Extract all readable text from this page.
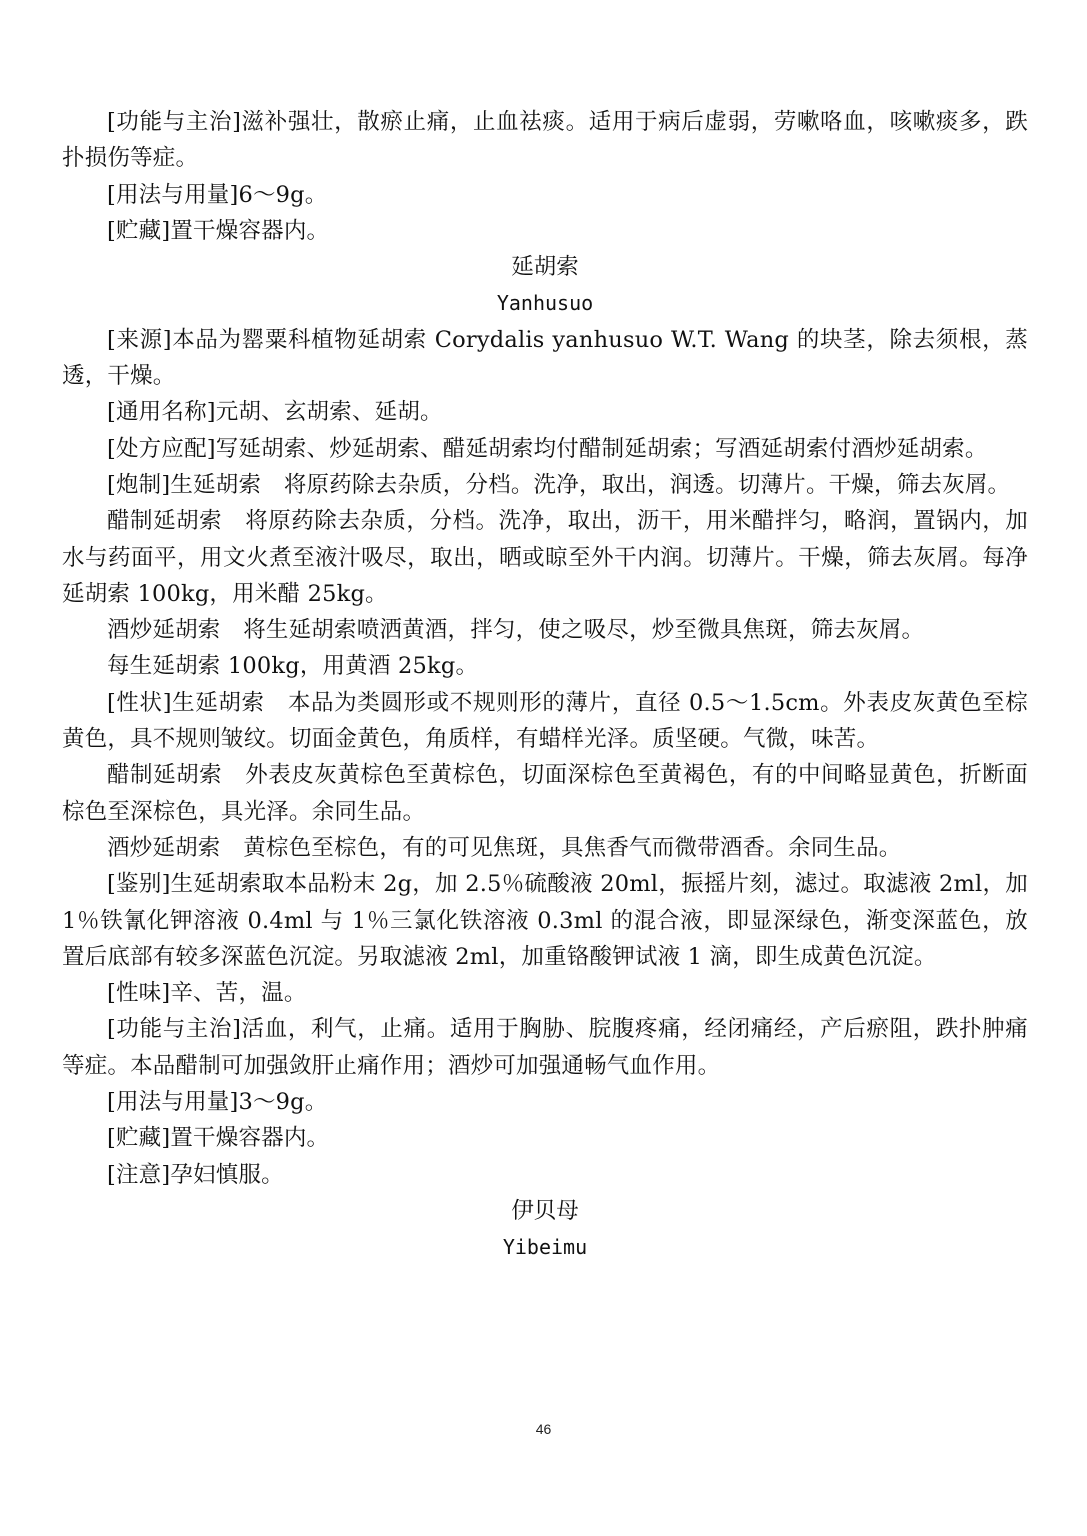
[功能与主治]滋补强壮，散瘀止痛，止血祛痰。适用于病后虚弱，劳嗽咯血，咳嗽痰多，跌扑损伤等症。

[用法与用量]6～9g。

[贮藏]置干燥容器内。

延胡索

Yanhusuo

[来源]本品为罂粟科植物延胡索 Corydalis yanhusuo W.T. Wang 的块茎，除去须根，蒸透，干燥。

[通用名称]元胡、玄胡索、延胡。

[处方应配]写延胡索、炒延胡索、醋延胡索均付醋制延胡索；写酒延胡索付酒炒延胡索。

[炮制]生延胡索　将原药除去杂质，分档。洗净，取出，润透。切薄片。干燥，筛去灰屑。

醋制延胡索　将原药除去杂质，分档。洗净，取出，沥干，用米醋拌匀，略润，置锅内，加水与药面平，用文火煮至液汁吸尽，取出，晒或晾至外干内润。切薄片。干燥，筛去灰屑。每净延胡索 100kg，用米醋 25kg。

酒炒延胡索　将生延胡索喷洒黄酒，拌匀，使之吸尽，炒至微具焦斑，筛去灰屑。

每生延胡索 100kg，用黄酒 25kg。

[性状]生延胡索　本品为类圆形或不规则形的薄片，直径 0.5～1.5cm。外表皮灰黄色至棕黄色，具不规则皱纹。切面金黄色，角质样，有蜡样光泽。质坚硬。气微，味苦。

醋制延胡索　外表皮灰黄棕色至黄棕色，切面深棕色至黄褐色，有的中间略显黄色，折断面棕色至深棕色，具光泽。余同生品。

酒炒延胡索　黄棕色至棕色，有的可见焦斑，具焦香气而微带酒香。余同生品。

[鉴别]生延胡索取本品粉末 2g，加 2.5％硫酸液 20ml，振摇片刻，滤过。取滤液 2ml，加 1％铁氰化钾溶液 0.4ml 与 1％三氯化铁溶液 0.3ml 的混合液，即显深绿色，渐变深蓝色，放置后底部有较多深蓝色沉淀。另取滤液 2ml，加重铬酸钾试液 1 滴，即生成黄色沉淀。

[性味]辛、苦，温。

[功能与主治]活血，利气，止痛。适用于胸胁、脘腹疼痛，经闭痛经，产后瘀阻，跌扑肿痛等症。本品醋制可加强敛肝止痛作用；酒炒可加强通畅气血作用。

[用法与用量]3～9g。

[贮藏]置干燥容器内。

[注意]孕妇慎服。

伊贝母

Yibeimu

46
